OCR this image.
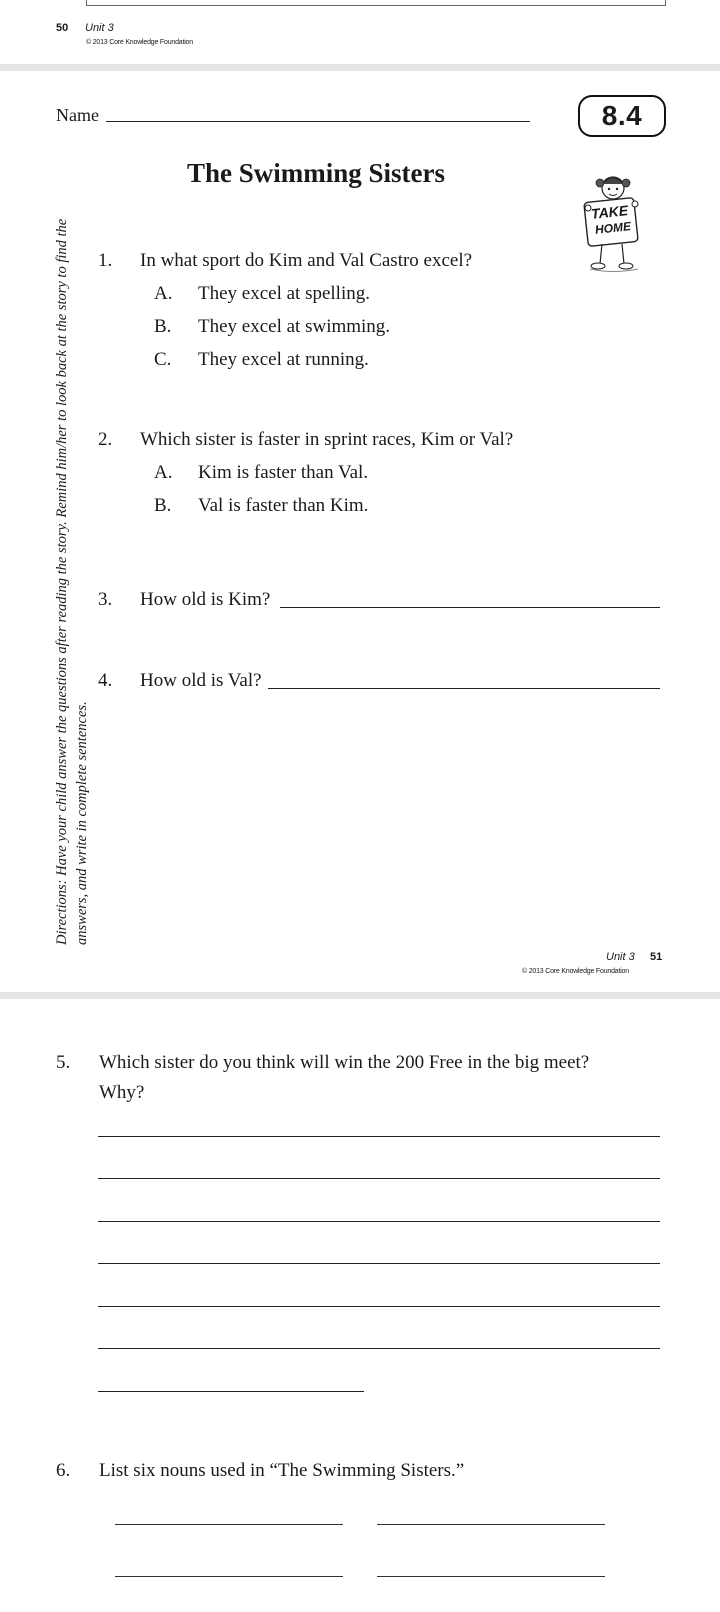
50 Unit 3
© 2013 Core Knowledge Foundation
Name	8.4
The Swimming Sisters
TAKE
HOME
Directions: Have your child answer the questions after reading the story. Remind him/her to look back at the story to find the answers, and write in complete sentences.
1. In what sport do Kim and Val Castro excel?
A. They excel at spelling.
B. They excel at swimming.
C. They excel at running.
2. Which sister is faster in sprint races, Kim or Val?
A. Kim is faster than Val.
B. Val is faster than Kim.
3. How old is Kim?
4. How old is Val?
Unit 3 51
© 2013 Core Knowledge Foundation
5. Which sister do you think will win the 200 Free in the big meet?
Why?
6. List six nouns used in “The Swimming Sisters.”
